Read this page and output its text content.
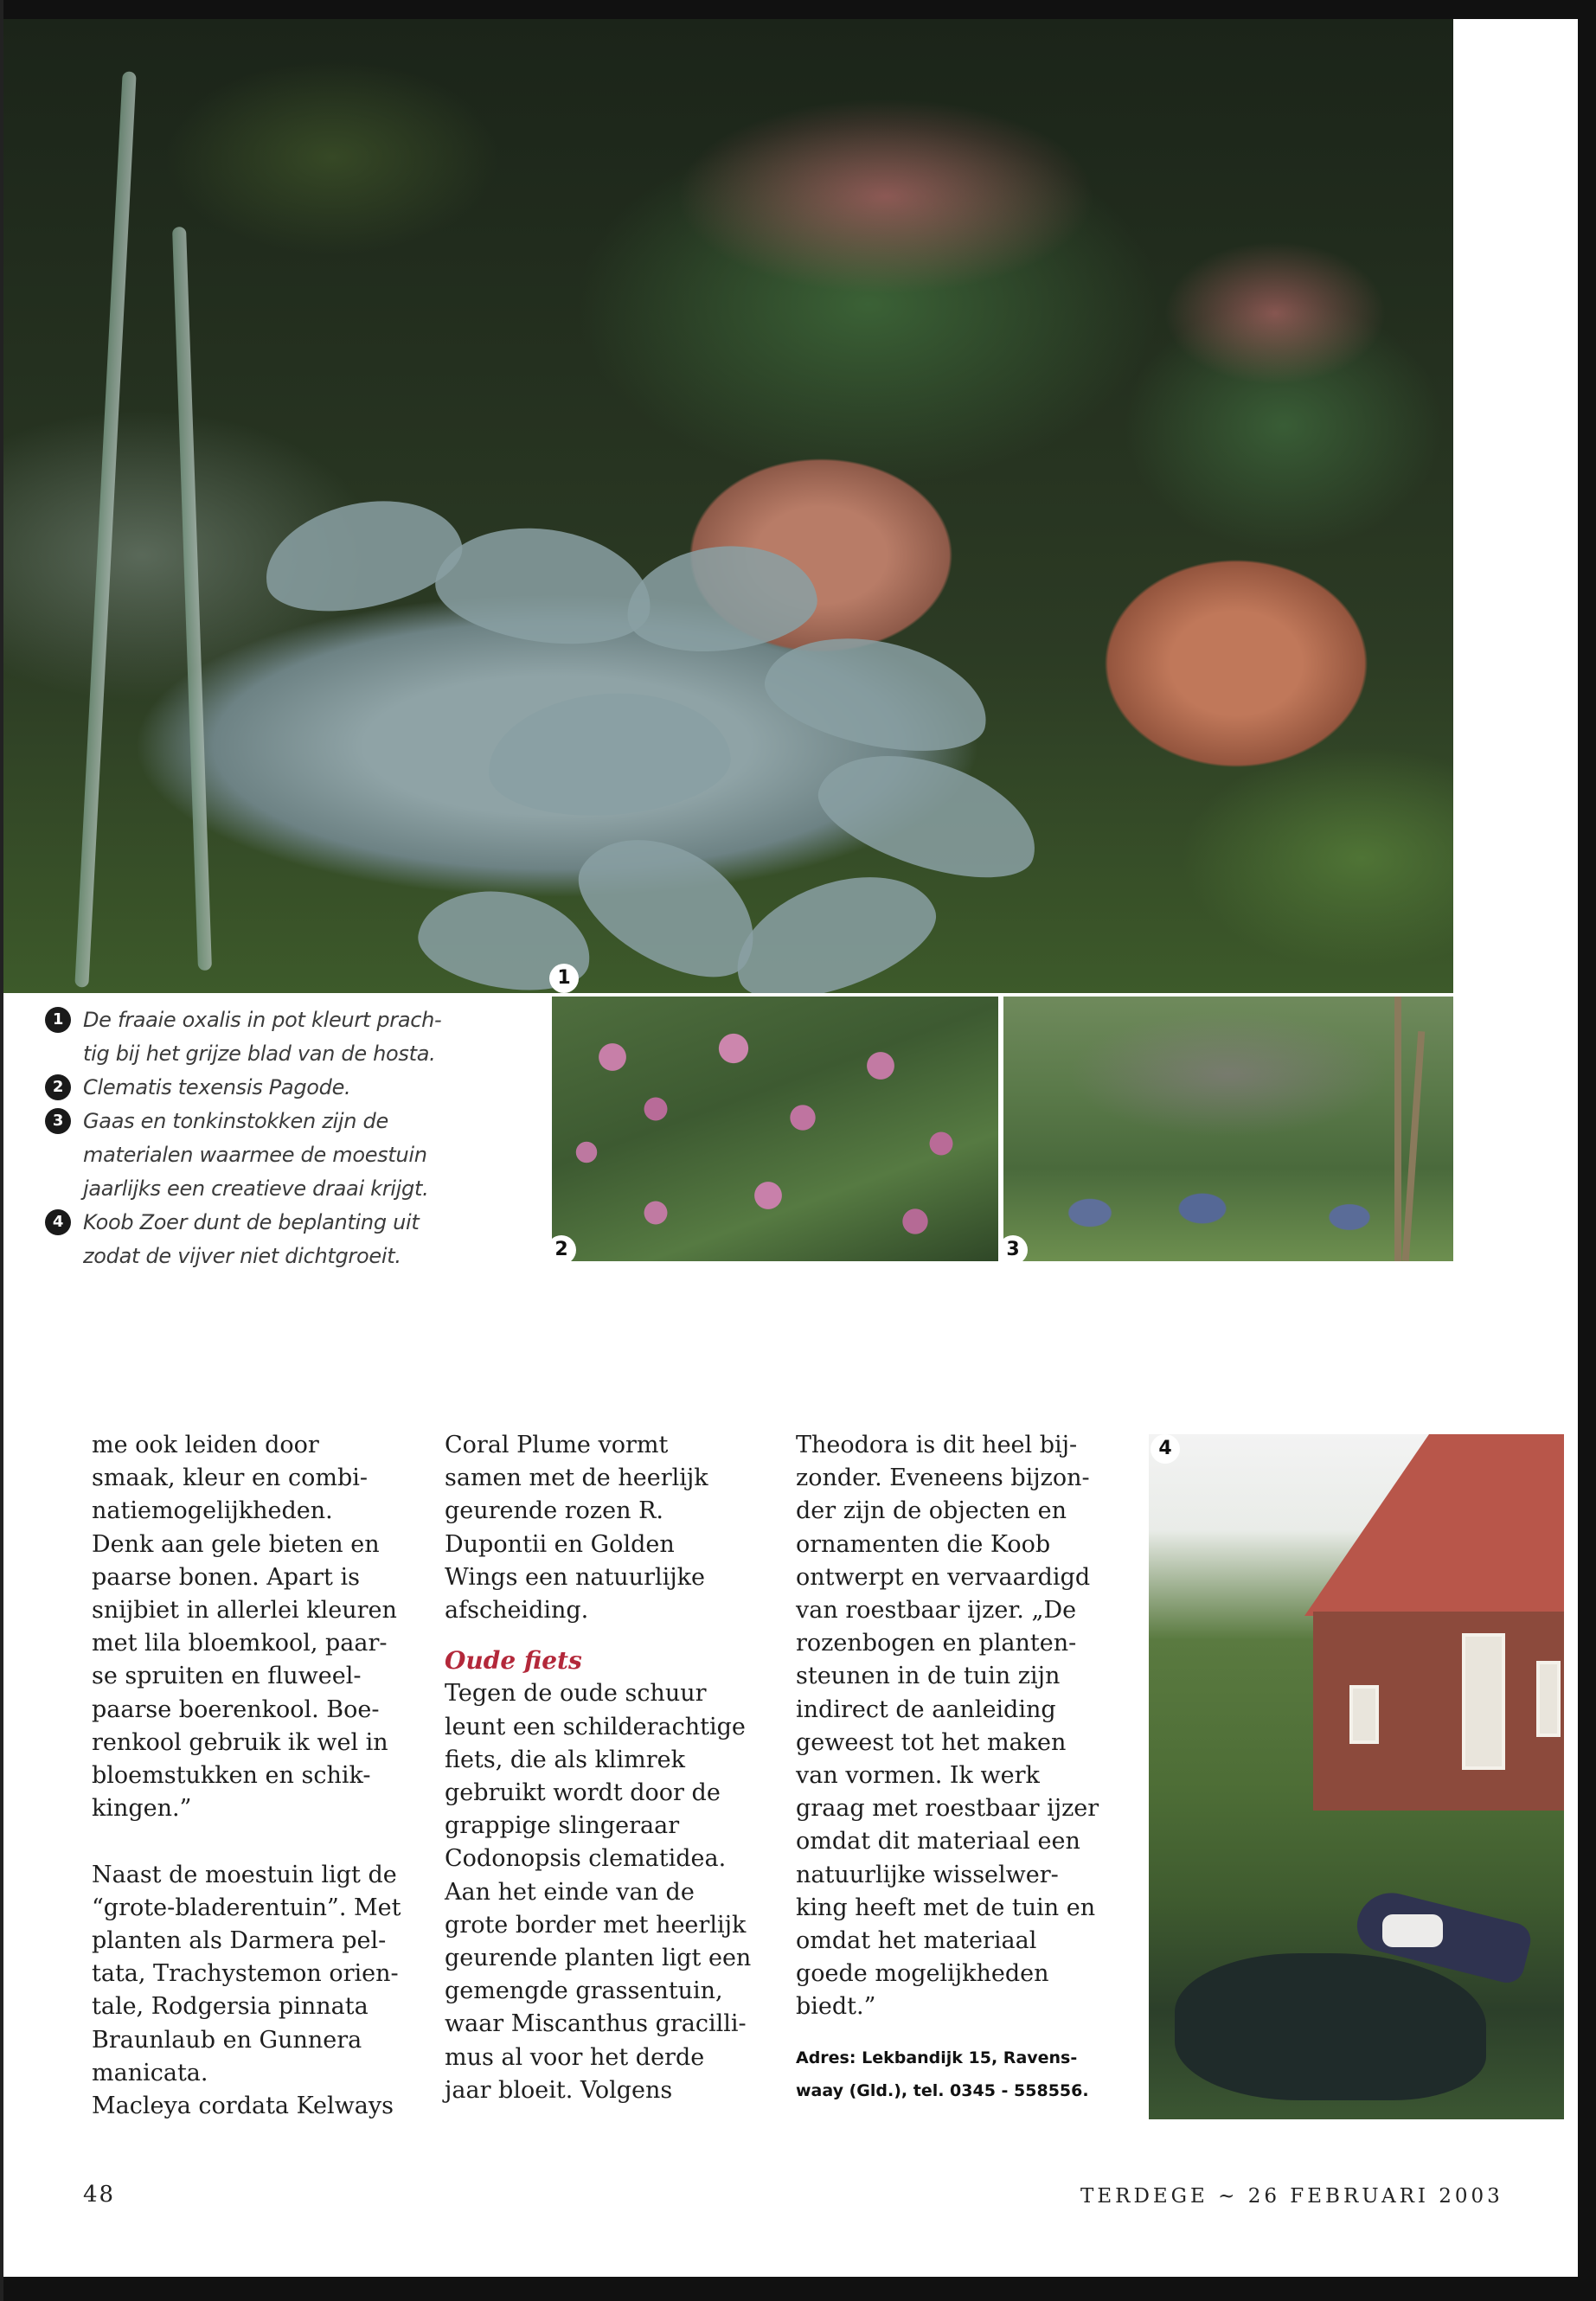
1
1 De fraaie oxalis in pot kleurt prach-
tig bij het grijze blad van de hosta.
2 Clematis texensis Pagode.
3 Gaas en tonkinstokken zijn de
materialen waarmee de moestuin
jaarlijks een creatieve draai krijgt.
4 Koob Zoer dunt de beplanting uit
zodat de vijver niet dichtgroeit.	2	3
4
me ook leiden door
smaak, kleur en combi-
natiemogelijkheden.
Denk aan gele bieten en
paarse bonen. Apart is
snijbiet in allerlei kleuren
met lila bloemkool, paar-
se spruiten en fluweel-
paarse boerenkool. Boe-
renkool gebruik ik wel in
bloemstukken en schik-
kingen.”
Naast de moestuin ligt de
“grote-bladerentuin”. Met
planten als Darmera pel-
tata, Trachystemon orien-
tale, Rodgersia pinnata
Braunlaub en Gunnera
manicata.
Macleya cordata Kelways
Coral Plume vormt
samen met de heerlijk
geurende rozen R.
Dupontii en Golden
Wings een natuurlijke
afscheiding.
Oude fiets
Tegen de oude schuur
leunt een schilderachtige
fiets, die als klimrek
gebruikt wordt door de
grappige slingeraar
Codonopsis clematidea.
Aan het einde van de
grote border met heerlijk
geurende planten ligt een
gemengde grassentuin,
waar Miscanthus gracilli-
mus al voor het derde
jaar bloeit. Volgens
Theodora is dit heel bij-
zonder. Eveneens bijzon-
der zijn de objecten en
ornamenten die Koob
ontwerpt en vervaardigd
van roestbaar ijzer. „De
rozenbogen en planten-
steunen in de tuin zijn
indirect de aanleiding
geweest tot het maken
van vormen. Ik werk
graag met roestbaar ijzer
omdat dit materiaal een
natuurlijke wisselwer-
king heeft met de tuin en
omdat het materiaal
goede mogelijkheden
biedt.”
Adres: Lekbandijk 15, Ravens-
waay (Gld.), tel. 0345 - 558556.
48	TERDEGE ~ 26 FEBRUARI 2003
